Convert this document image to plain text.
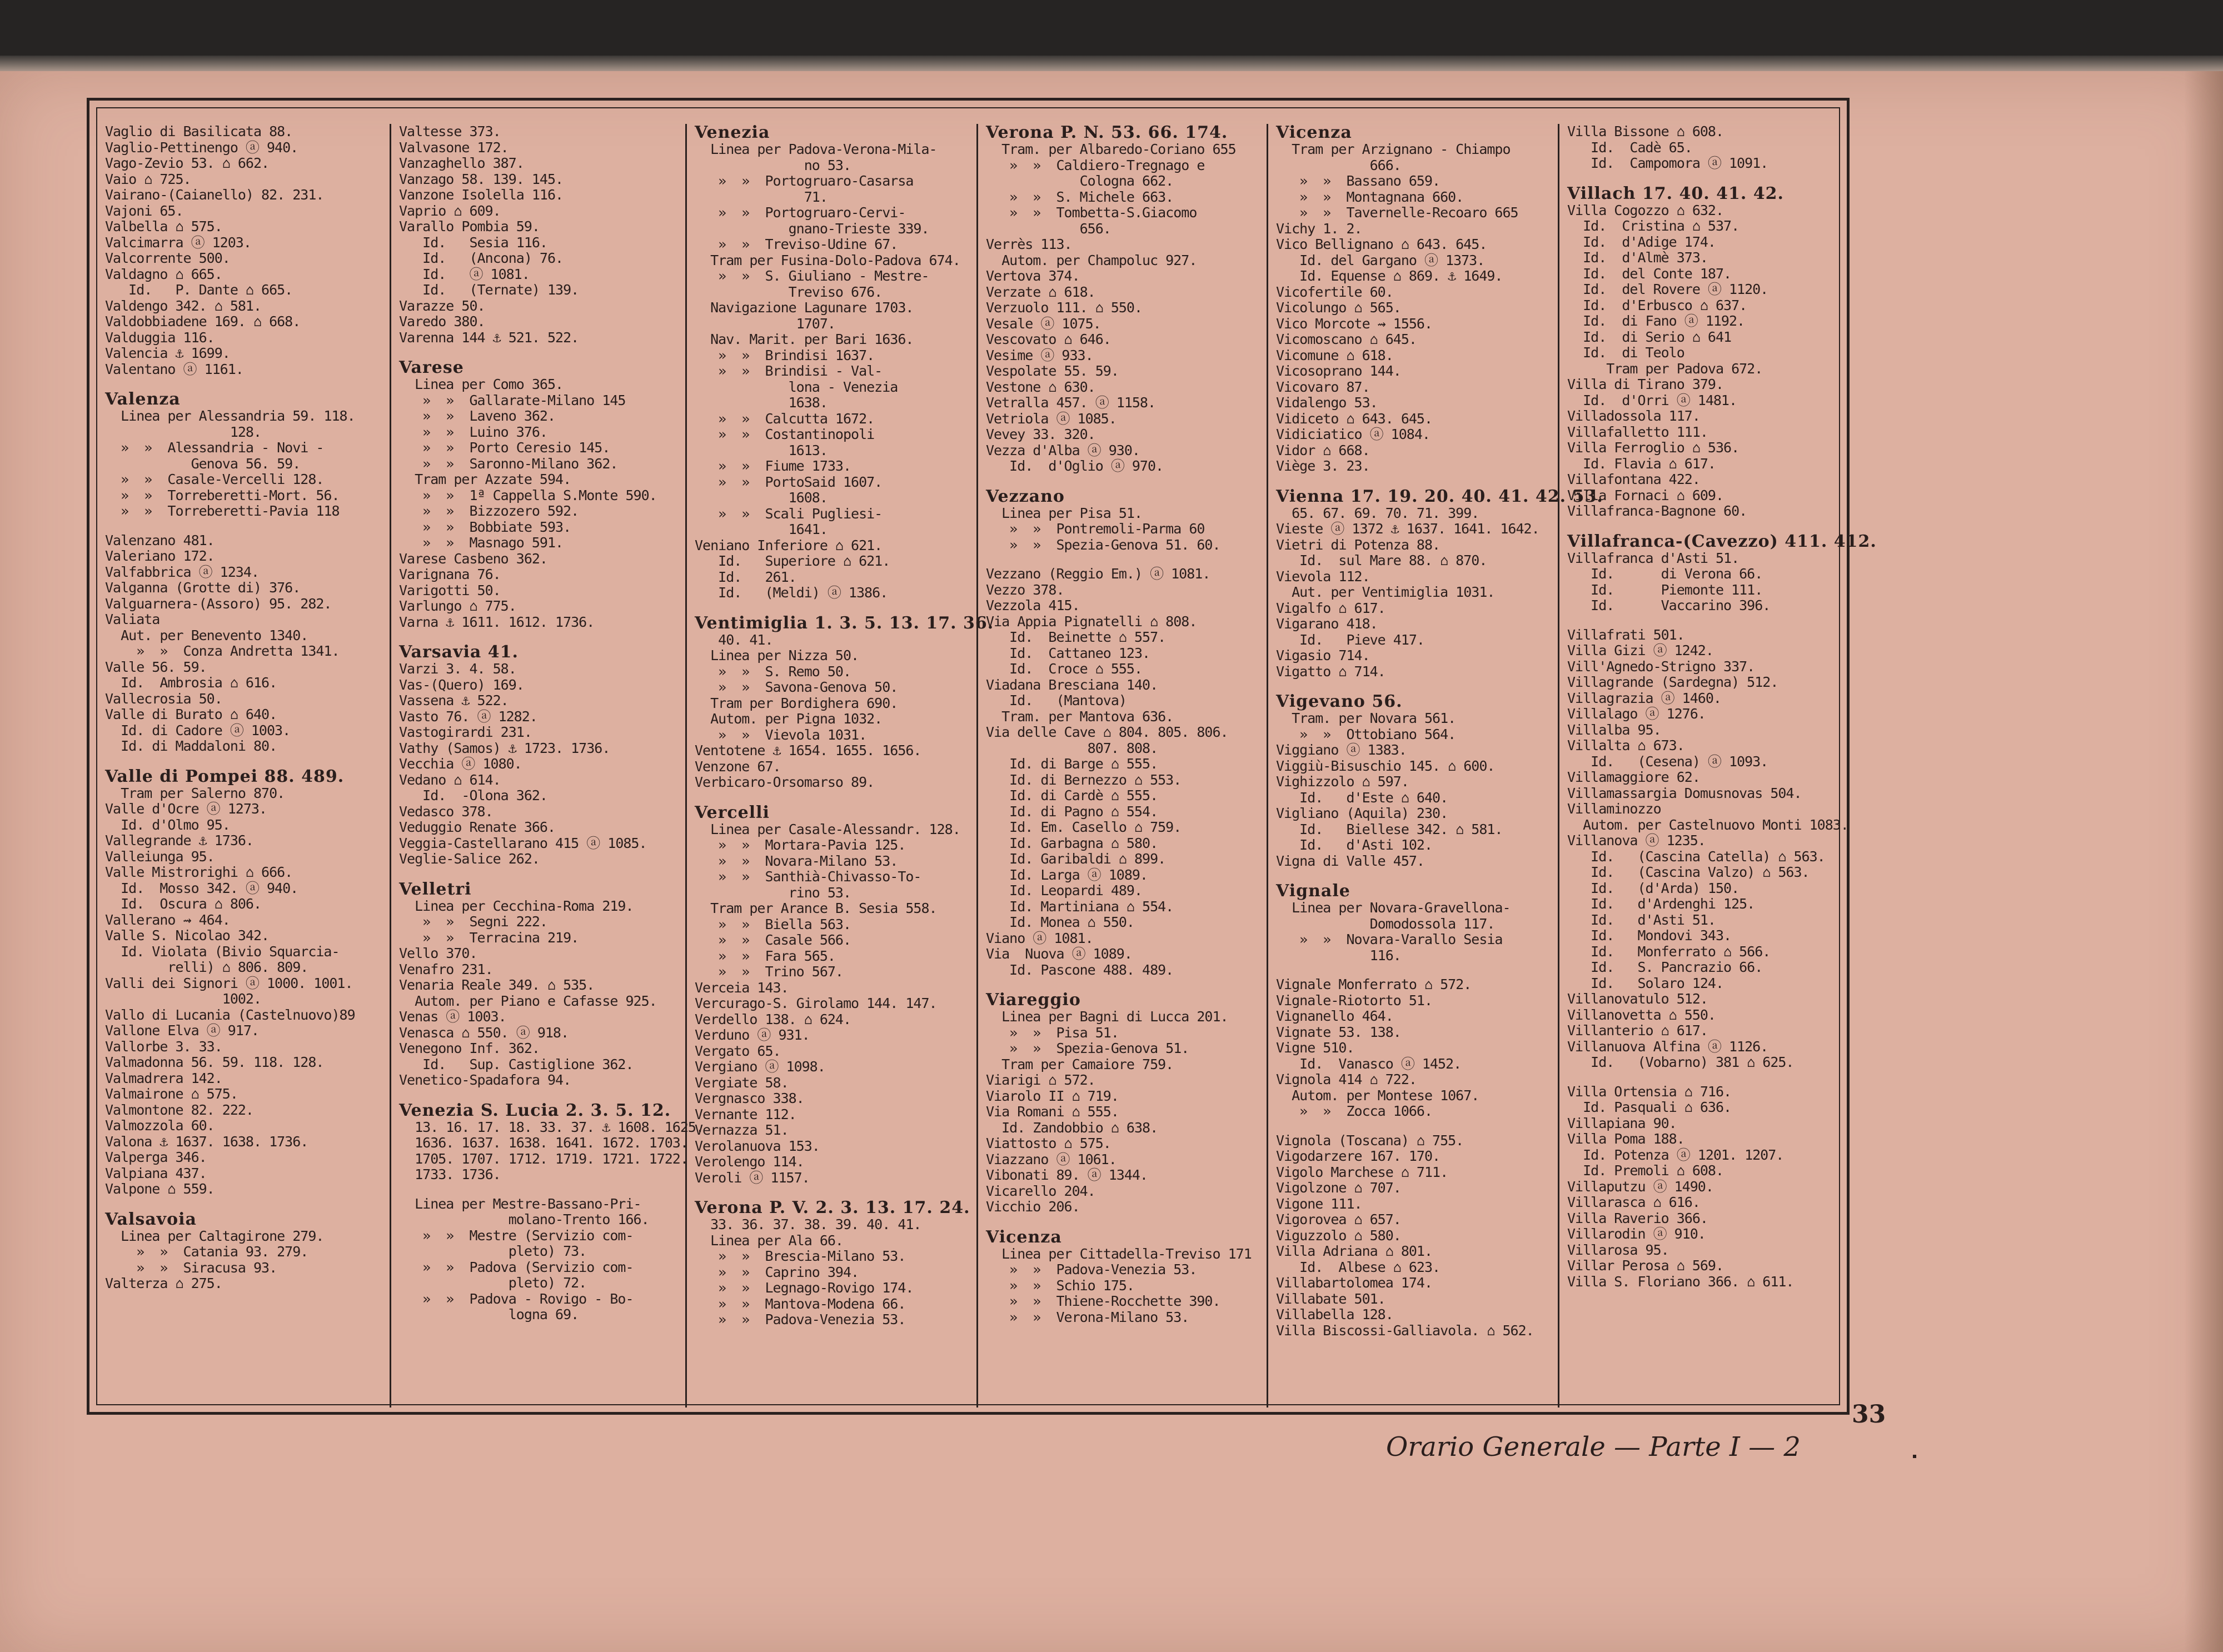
Vaglio di Basilicata 88.
Vaglio-Pettinengo ⓐ 940.
Vago-Zevio 53. ⌂ 662.
Vaio ⌂ 725.
Vairano-(Caianello) 82. 231.
Vajoni 65.
Valbella ⌂ 575.
Valcimarra ⓐ 1203.
Valcorrente 500.
Valdagno ⌂ 665.
Id.   P. Dante ⌂ 665.
Valdengo 342. ⌂ 581.
Valdobbiadene 169. ⌂ 668.
Valduggia 116.
Valencia ⚓ 1699.
Valentano ⓐ 1161.
Valenza
Linea per Alessandria 59. 118.
128.
»  »  Alessandria - Novi -
Genova 56. 59.
»  »  Casale-Vercelli 128.
»  »  Torreberetti-Mort. 56.
»  »  Torreberetti-Pavia 118
Valenzano 481.
Valeriano 172.
Valfabbrica ⓐ 1234.
Valganna (Grotte di) 376.
Valguarnera-(Assoro) 95. 282.
Valiata
Aut. per Benevento 1340.
»  »  Conza Andretta 1341.
Valle 56. 59.
Id.  Ambrosia ⌂ 616.
Vallecrosia 50.
Valle di Burato ⌂ 640.
Id. di Cadore ⓐ 1003.
Id. di Maddaloni 80.
Valle di Pompei 88. 489.
Tram per Salerno 870.
Valle d'Ocre ⓐ 1273.
Id. d'Olmo 95.
Vallegrande ⚓ 1736.
Valleiunga 95.
Valle Mistrorighi ⌂ 666.
Id.  Mosso 342. ⓐ 940.
Id.  Oscura ⌂ 806.
Vallerano ⇝ 464.
Valle S. Nicolao 342.
Id. Violata (Bivio Squarcia-
relli) ⌂ 806. 809.
Valli dei Signori ⓐ 1000. 1001.
1002.
Vallo di Lucania (Castelnuovo)89
Vallone Elva ⓐ 917.
Vallorbe 3. 33.
Valmadonna 56. 59. 118. 128.
Valmadrera 142.
Valmairone ⌂ 575.
Valmontone 82. 222.
Valmozzola 60.
Valona ⚓ 1637. 1638. 1736.
Valperga 346.
Valpiana 437.
Valpone ⌂ 559.
Valsavoia
Linea per Caltagirone 279.
»  »  Catania 93. 279.
»  »  Siracusa 93.
Valterza ⌂ 275.
Valtesse 373.
Valvasone 172.
Vanzaghello 387.
Vanzago 58. 139. 145.
Vanzone Isolella 116.
Vaprio ⌂ 609.
Varallo Pombia 59.
Id.   Sesia 116.
Id.   (Ancona) 76.
Id.   ⓐ 1081.
Id.   (Ternate) 139.
Varazze 50.
Varedo 380.
Varenna 144 ⚓ 521. 522.
Varese
Linea per Como 365.
»  »  Gallarate-Milano 145
»  »  Laveno 362.
»  »  Luino 376.
»  »  Porto Ceresio 145.
»  »  Saronno-Milano 362.
Tram per Azzate 594.
»  »  1ª Cappella S.Monte 590.
»  »  Bizzozero 592.
»  »  Bobbiate 593.
»  »  Masnago 591.
Varese Casbeno 362.
Varignana 76.
Varigotti 50.
Varlungo ⌂ 775.
Varna ⚓ 1611. 1612. 1736.
Varsavia 41.
Varzi 3. 4. 58.
Vas-(Quero) 169.
Vassena ⚓ 522.
Vasto 76. ⓐ 1282.
Vastogirardi 231.
Vathy (Samos) ⚓ 1723. 1736.
Vecchia ⓐ 1080.
Vedano ⌂ 614.
Id.  -Olona 362.
Vedasco 378.
Veduggio Renate 366.
Veggia-Castellarano 415 ⓐ 1085.
Veglie-Salice 262.
Velletri
Linea per Cecchina-Roma 219.
»  »  Segni 222.
»  »  Terracina 219.
Vello 370.
Venafro 231.
Venaria Reale 349. ⌂ 535.
Autom. per Piano e Cafasse 925.
Venas ⓐ 1003.
Venasca ⌂ 550. ⓐ 918.
Venegono Inf. 362.
Id.   Sup. Castiglione 362.
Venetico-Spadafora 94.
Venezia S. Lucia 2. 3. 5. 12.
13. 16. 17. 18. 33. 37. ⚓ 1608. 1625.
1636. 1637. 1638. 1641. 1672. 1703.
1705. 1707. 1712. 1719. 1721. 1722.
1733. 1736.
Linea per Mestre-Bassano-Pri-
molano-Trento 166.
»  »  Mestre (Servizio com-
pleto) 73.
»  »  Padova (Servizio com-
pleto) 72.
»  »  Padova - Rovigo - Bo-
logna 69.
Venezia
Linea per Padova-Verona-Mila-
no 53.
»  »  Portogruaro-Casarsa
71.
»  »  Portogruaro-Cervi-
gnano-Trieste 339.
»  »  Treviso-Udine 67.
Tram per Fusina-Dolo-Padova 674.
»  »  S. Giuliano - Mestre-
Treviso 676.
Navigazione Lagunare 1703.
1707.
Nav. Marit. per Bari 1636.
»  »  Brindisi 1637.
»  »  Brindisi - Val-
lona - Venezia
1638.
»  »  Calcutta 1672.
»  »  Costantinopoli
1613.
»  »  Fiume 1733.
»  »  PortoSaid 1607.
1608.
»  »  Scali Pugliesi-
1641.
Veniano Inferiore ⌂ 621.
Id.   Superiore ⌂ 621.
Id.   261.
Id.   (Meldi) ⓐ 1386.
Ventimiglia 1. 3. 5. 13. 17. 36.
40. 41.
Linea per Nizza 50.
»  »  S. Remo 50.
»  »  Savona-Genova 50.
Tram per Bordighera 690.
Autom. per Pigna 1032.
»  »  Vievola 1031.
Ventotene ⚓ 1654. 1655. 1656.
Venzone 67.
Verbicaro-Orsomarso 89.
Vercelli
Linea per Casale-Alessandr. 128.
»  »  Mortara-Pavia 125.
»  »  Novara-Milano 53.
»  »  Santhià-Chivasso-To-
rino 53.
Tram per Arance B. Sesia 558.
»  »  Biella 563.
»  »  Casale 566.
»  »  Fara 565.
»  »  Trino 567.
Verceia 143.
Vercurago-S. Girolamo 144. 147.
Verdello 138. ⌂ 624.
Verduno ⓐ 931.
Vergato 65.
Vergiano ⓐ 1098.
Vergiate 58.
Vergnasco 338.
Vernante 112.
Vernazza 51.
Verolanuova 153.
Verolengo 114.
Veroli ⓐ 1157.
Verona P. V. 2. 3. 13. 17. 24.
33. 36. 37. 38. 39. 40. 41.
Linea per Ala 66.
»  »  Brescia-Milano 53.
»  »  Caprino 394.
»  »  Legnago-Rovigo 174.
»  »  Mantova-Modena 66.
»  »  Padova-Venezia 53.
Verona P. N. 53. 66. 174.
Tram. per Albaredo-Coriano 655
»  »  Caldiero-Tregnago e
Cologna 662.
»  »  S. Michele 663.
»  »  Tombetta-S.Giacomo
656.
Verrès 113.
Autom. per Champoluc 927.
Vertova 374.
Verzate ⌂ 618.
Verzuolo 111. ⌂ 550.
Vesale ⓐ 1075.
Vescovato ⌂ 646.
Vesime ⓐ 933.
Vespolate 55. 59.
Vestone ⌂ 630.
Vetralla 457. ⓐ 1158.
Vetriola ⓐ 1085.
Vevey 33. 320.
Vezza d'Alba ⓐ 930.
Id.  d'Oglio ⓐ 970.
Vezzano
Linea per Pisa 51.
»  »  Pontremoli-Parma 60
»  »  Spezia-Genova 51. 60.
Vezzano (Reggio Em.) ⓐ 1081.
Vezzo 378.
Vezzola 415.
Via Appia Pignatelli ⌂ 808.
Id.  Beinette ⌂ 557.
Id.  Cattaneo 123.
Id.  Croce ⌂ 555.
Viadana Bresciana 140.
Id.   (Mantova)
Tram. per Mantova 636.
Via delle Cave ⌂ 804. 805. 806.
807. 808.
Id. di Barge ⌂ 555.
Id. di Bernezzo ⌂ 553.
Id. di Cardè ⌂ 555.
Id. di Pagno ⌂ 554.
Id. Em. Casello ⌂ 759.
Id. Garbagna ⌂ 580.
Id. Garibaldi ⌂ 899.
Id. Larga ⓐ 1089.
Id. Leopardi 489.
Id. Martiniana ⌂ 554.
Id. Monea ⌂ 550.
Viano ⓐ 1081.
Via  Nuova ⓐ 1089.
Id. Pascone 488. 489.
Viareggio
Linea per Bagni di Lucca 201.
»  »  Pisa 51.
»  »  Spezia-Genova 51.
Tram per Camaiore 759.
Viarigi ⌂ 572.
Viarolo II ⌂ 719.
Via Romani ⌂ 555.
Id. Zandobbio ⌂ 638.
Viattosto ⌂ 575.
Viazzano ⓐ 1061.
Vibonati 89. ⓐ 1344.
Vicarello 204.
Vicchio 206.
Vicenza
Linea per Cittadella-Treviso 171
»  »  Padova-Venezia 53.
»  »  Schio 175.
»  »  Thiene-Rocchette 390.
»  »  Verona-Milano 53.
Vicenza
Tram per Arzignano - Chiampo
666.
»  »  Bassano 659.
»  »  Montagnana 660.
»  »  Tavernelle-Recoaro 665
Vichy 1. 2.
Vico Bellignano ⌂ 643. 645.
Id. del Gargano ⓐ 1373.
Id. Equense ⌂ 869. ⚓ 1649.
Vicofertile 60.
Vicolungo ⌂ 565.
Vico Morcote ⇝ 1556.
Vicomoscano ⌂ 645.
Vicomune ⌂ 618.
Vicosoprano 144.
Vicovaro 87.
Vidalengo 53.
Vidiceto ⌂ 643. 645.
Vidiciatico ⓐ 1084.
Vidor ⌂ 668.
Viège 3. 23.
Vienna 17. 19. 20. 40. 41. 42. 53.
65. 67. 69. 70. 71. 399.
Vieste ⓐ 1372 ⚓ 1637. 1641. 1642.
Vietri di Potenza 88.
Id.  sul Mare 88. ⌂ 870.
Vievola 112.
Aut. per Ventimiglia 1031.
Vigalfo ⌂ 617.
Vigarano 418.
Id.   Pieve 417.
Vigasio 714.
Vigatto ⌂ 714.
Vigevano 56.
Tram. per Novara 561.
»  »  Ottobiano 564.
Viggiano ⓐ 1383.
Viggiù-Bisuschio 145. ⌂ 600.
Vighizzolo ⌂ 597.
Id.   d'Este ⌂ 640.
Vigliano (Aquila) 230.
Id.   Biellese 342. ⌂ 581.
Id.   d'Asti 102.
Vigna di Valle 457.
Vignale
Linea per Novara-Gravellona-
Domodossola 117.
»  »  Novara-Varallo Sesia
116.
Vignale Monferrato ⌂ 572.
Vignale-Riotorto 51.
Vignanello 464.
Vignate 53. 138.
Vigne 510.
Id.  Vanasco ⓐ 1452.
Vignola 414 ⌂ 722.
Autom. per Montese 1067.
»  »  Zocca 1066.
Vignola (Toscana) ⌂ 755.
Vigodarzere 167. 170.
Vigolo Marchese ⌂ 711.
Vigolzone ⌂ 707.
Vigone 111.
Vigorovea ⌂ 657.
Viguzzolo ⌂ 580.
Villa Adriana ⌂ 801.
Id.  Albese ⌂ 623.
Villabartolomea 174.
Villabate 501.
Villabella 128.
Villa Biscossi-Galliavola. ⌂ 562.
Villa Bissone ⌂ 608.
Id.  Cadè 65.
Id.  Campomora ⓐ 1091.
Villach 17. 40. 41. 42.
Villa Cogozzo ⌂ 632.
Id.  Cristina ⌂ 537.
Id.  d'Adige 174.
Id.  d'Almè 373.
Id.  del Conte 187.
Id.  del Rovere ⓐ 1120.
Id.  d'Erbusco ⌂ 637.
Id.  di Fano ⓐ 1192.
Id.  di Serio ⌂ 641
Id.  di Teolo
Tram per Padova 672.
Villa di Tirano 379.
Id.  d'Orri ⓐ 1481.
Villadossola 117.
Villafalletto 111.
Villa Ferroglio ⌂ 536.
Id. Flavia ⌂ 617.
Villafontana 422.
Villa Fornaci ⌂ 609.
Villafranca-Bagnone 60.
Villafranca-(Cavezzo) 411. 412.
Villafranca d'Asti 51.
Id.      di Verona 66.
Id.      Piemonte 111.
Id.      Vaccarino 396.
Villafrati 501.
Villa Gizi ⓐ 1242.
Vill'Agnedo-Strigno 337.
Villagrande (Sardegna) 512.
Villagrazia ⓐ 1460.
Villalago ⓐ 1276.
Villalba 95.
Villalta ⌂ 673.
Id.   (Cesena) ⓐ 1093.
Villamaggiore 62.
Villamassargia Domusnovas 504.
Villaminozzo
Autom. per Castelnuovo Monti 1083.
Villanova ⓐ 1235.
Id.   (Cascina Catella) ⌂ 563.
Id.   (Cascina Valzo) ⌂ 563.
Id.   (d'Arda) 150.
Id.   d'Ardenghi 125.
Id.   d'Asti 51.
Id.   Mondovi 343.
Id.   Monferrato ⌂ 566.
Id.   S. Pancrazio 66.
Id.   Solaro 124.
Villanovatulo 512.
Villanovetta ⌂ 550.
Villanterio ⌂ 617.
Villanuova Alfina ⓐ 1126.
Id.   (Vobarno) 381 ⌂ 625.
Villa Ortensia ⌂ 716.
Id. Pasquali ⌂ 636.
Villapiana 90.
Villa Poma 188.
Id. Potenza ⓐ 1201. 1207.
Id. Premoli ⌂ 608.
Villaputzu ⓐ 1490.
Villarasca ⌂ 616.
Villa Raverio 366.
Villarodin ⓐ 910.
Villarosa 95.
Villar Perosa ⌂ 569.
Villa S. Floriano 366. ⌂ 611.
33
Orario Generale — Parte I — 2
